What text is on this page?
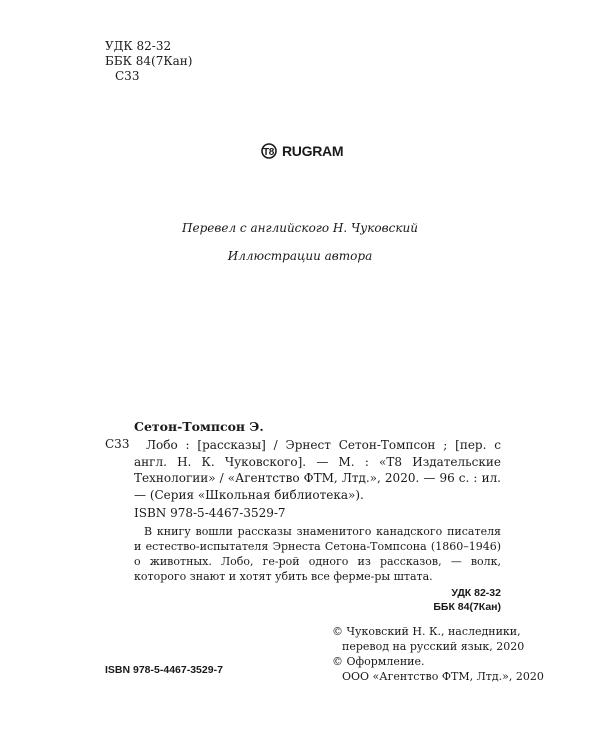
УДК 82-32
ББК 84(7Кан)
С33
T8 RUGRAM
Перевел с английского Н. Чуковский
Иллюстрации автора
Сетон-Томпсон Э.
С33	Лобо : [рассказы] / Эрнест Сетон-Томпсон ; [пер. с англ. Н. К. Чуковского]. — М. : «Т8 Издательские Технологии» / «Агентство ФТМ, Лтд.», 2020. — 96 с. : ил. — (Серия «Школьная библиотека»).
ISBN 978-5-4467-3529-7
В книгу вошли рассказы знаменитого канадского писателя и естество-испытателя Эрнеста Сетона-Томпсона (1860–1946) о животных. Лобо, ге-рой одного из рассказов, — волк, которого знают и хотят убить все ферме-ры штата.
УДК 82-32
ББК 84(7Кан)
© Чуковский Н. К., наследники,
перевод на русский язык, 2020
© Оформление.
ООО «Агентство ФТМ, Лтд.», 2020
ISBN 978-5-4467-3529-7
